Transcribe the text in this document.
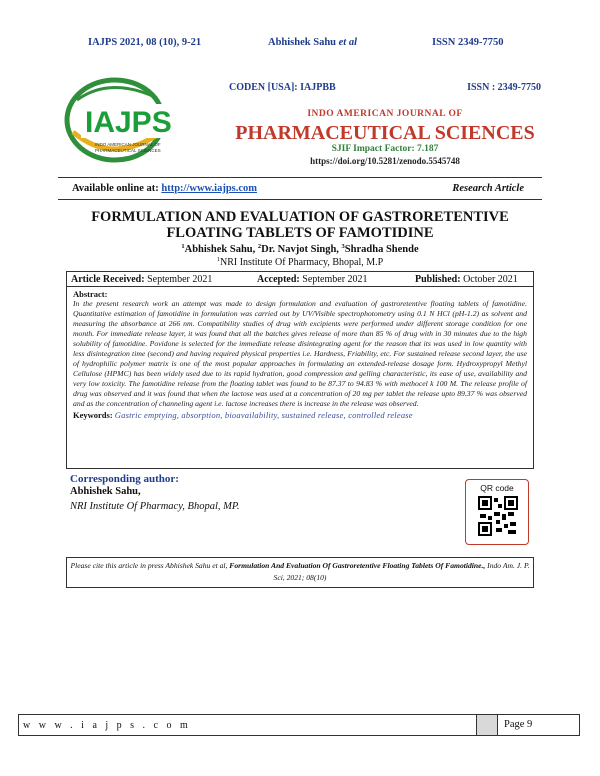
IAJPS 2021, 08 (10), 9-21	Abhishek Sahu et al	ISSN 2349-7750
IAJPS
INDO AMERICAN JOURNAL OF
PHARMACEUTICAL SCIENCES
CODEN [USA]: IAJPBB	ISSN : 2349-7750
INDO AMERICAN JOURNAL OF
PHARMACEUTICAL SCIENCES
SJIF Impact Factor: 7.187
https://doi.org/10.5281/zenodo.5545748
Available online at: http://www.iajps.com	Research Article
FORMULATION AND EVALUATION OF GASTRORETENTIVE
FLOATING TABLETS OF FAMOTIDINE
$^1$Abhishek Sahu, $^2$Dr. Navjot Singh, $^3$Shradha Shende
$^1$NRI Institute Of Pharmacy, Bhopal, M.P
Article Received: September 2021	Accepted: September 2021	Published: October 2021
Abstract:
In the present research work an attempt was made to design formulation and evaluation of gastroretentive floating tablets of famotidine. Quantitative estimation of famotidine in formulation was carried out by UV/Visible spectrophotometry using 0.1 N HCl (pH-1.2) as solvent and measuring the absorbance at 266 nm. Compatibility studies of drug with excipients were performed under different storage condition for one month. For immediate release layer, it was found that all the batches gives release of more than 85 % of drug with in 30 minutes due to the high solubility of famotidine. Povidone is selected for the immediate release disintegrating agent for the reason that its was used in low quantity with less disintegration time (second) and having required physical properties i.e. Hardness, Friability, etc. For sustained release second layer, the use of hydrophilic polymer matrix is one of the most popular approaches in formulating an extended-release dosage form. Hydroxypropyl Methyl Cellulose (HPMC) has been widely used due to its rapid hydration, good compression and gelling characteristic, its ease of use, availability and very low toxicity. The famotidine release from the floating tablet was found to be 87.37 to 94.83 % with methocel k 100 M. The release profile of drug was observed and it was found that when the lactose was used at a concentration of 20 mg per tablet the release upto 89.37 % was observed and as the concentration of channeling agent i.e. lactose increases there is increase in the release was observed.
Keywords: Gastric emptying, absorption, bioavailability, sustained release, controlled release
Corresponding author:
Abhishek Sahu,
NRI Institute Of Pharmacy, Bhopal, MP.
QR code
Please cite this article in press Abhishek Sahu et al, Formulation And Evaluation Of Gastroretentive Floating Tablets Of Famotidine., Indo Am. J. P. Sci, 2021; 08(10)
w w w . i a j p s . c o m	Page 9
